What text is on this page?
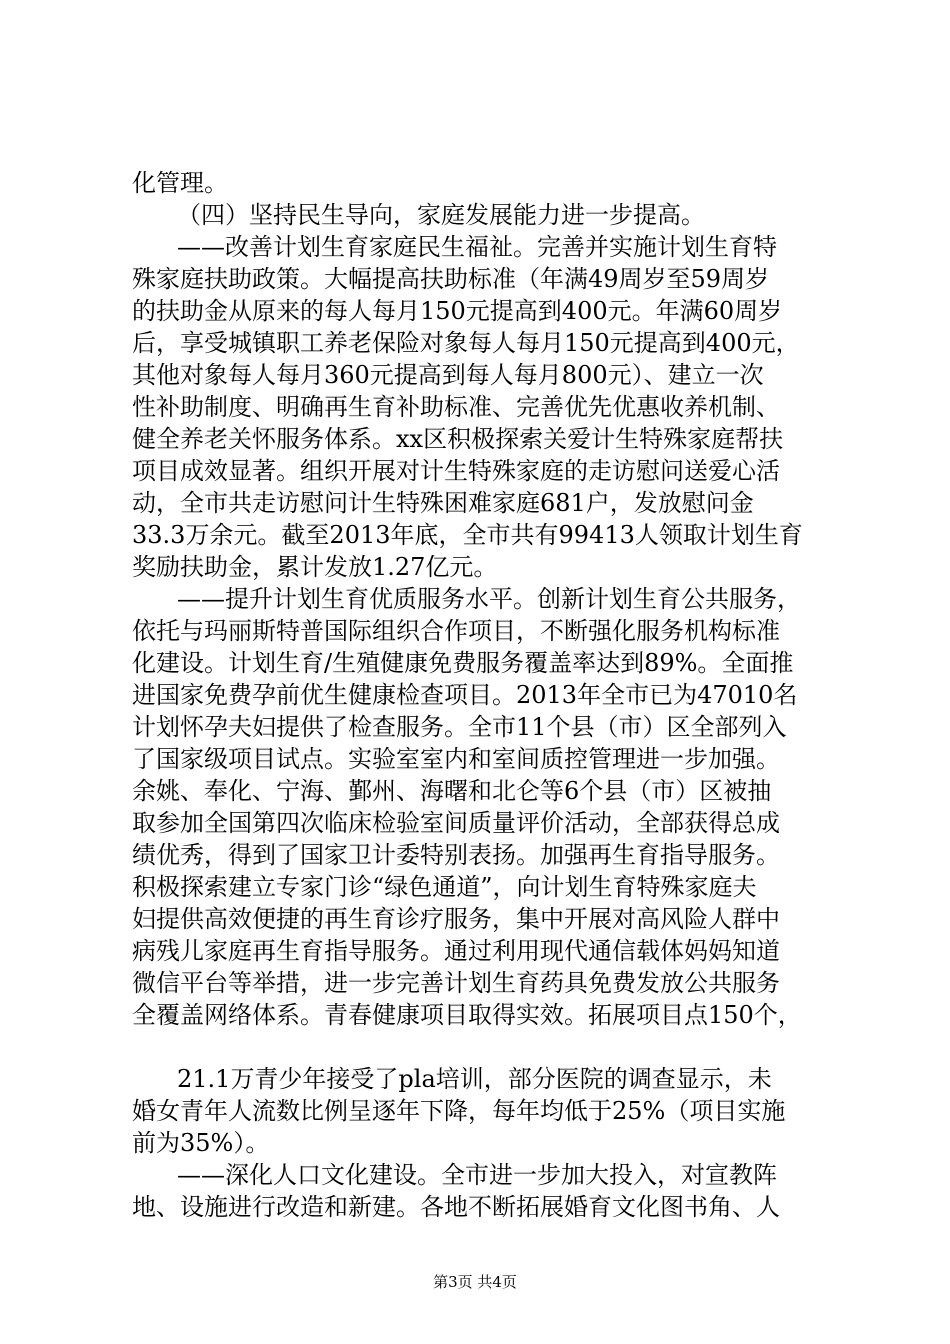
化管理。
（四）坚持民生导向，家庭发展能力进一步提高。
——改善计划生育家庭民生福祉。完善并实施计划生育特
殊家庭扶助政策。大幅提高扶助标准（年满49周岁至59周岁
的扶助金从原来的每人每月150元提高到400元。年满60周岁
后，享受城镇职工养老保险对象每人每月150元提高到400元，
其他对象每人每月360元提高到每人每月800元）、建立一次
性补助制度、明确再生育补助标准、完善优先优惠收养机制、
健全养老关怀服务体系。xx区积极探索关爱计生特殊家庭帮扶
项目成效显著。组织开展对计生特殊家庭的走访慰问送爱心活
动，全市共走访慰问计生特殊困难家庭681户，发放慰问金
33.3万余元。截至2013年底，全市共有99413人领取计划生育
奖励扶助金，累计发放1.27亿元。
——提升计划生育优质服务水平。创新计划生育公共服务，
依托与玛丽斯特普国际组织合作项目，不断强化服务机构标准
化建设。计划生育/生殖健康免费服务覆盖率达到89%。全面推
进国家免费孕前优生健康检查项目。2013年全市已为47010名
计划怀孕夫妇提供了检查服务。全市11个县（市）区全部列入
了国家级项目试点。实验室室内和室间质控管理进一步加强。
余姚、奉化、宁海、鄞州、海曙和北仑等6个县（市）区被抽
取参加全国第四次临床检验室间质量评价活动，全部获得总成
绩优秀，得到了国家卫计委特别表扬。加强再生育指导服务。
积极探索建立专家门诊“绿色通道”，向计划生育特殊家庭夫
妇提供高效便捷的再生育诊疗服务，集中开展对高风险人群中
病残儿家庭再生育指导服务。通过利用现代通信载体妈妈知道
微信平台等举措，进一步完善计划生育药具免费发放公共服务
全覆盖网络体系。青春健康项目取得实效。拓展项目点150个，
21.1万青少年接受了pla培训，部分医院的调查显示，未
婚女青年人流数比例呈逐年下降，每年均低于25%（项目实施
前为35%）。
——深化人口文化建设。全市进一步加大投入，对宣教阵
地、设施进行改造和新建。各地不断拓展婚育文化图书角、人
第3页 共4页
